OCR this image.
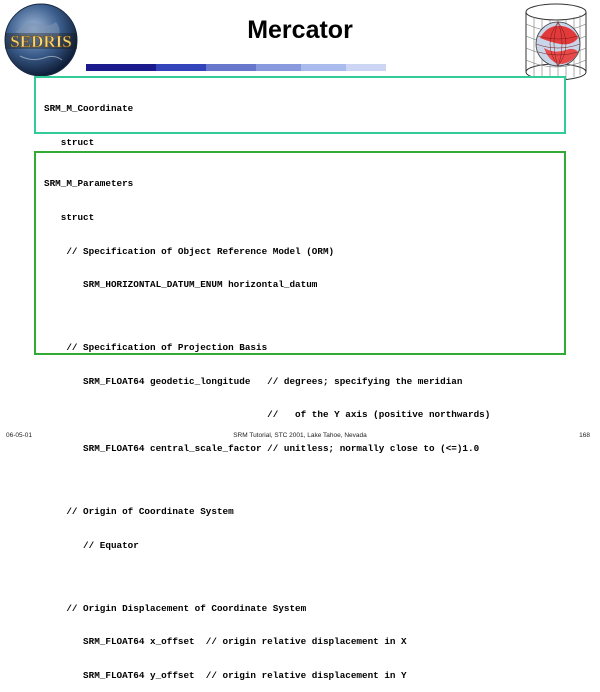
SEDRIS	Mercator

SRM_M_Coordinate

struct

SRM_M_Parameters

struct

// Specification of Object Reference Model (ORM)

SRM_HORIZONTAL_DATUM_ENUM horizontal_datum

// Specification of Projection Basis

SRM_FLOAT64 geodetic_longitude   // degrees; specifying the meridian

//   of the Y axis (positive northwards)

SRM_FLOAT64 central_scale_factor // unitless; normally close to (<=)1.0

// Origin of Coordinate System

// Equator

// Origin Displacement of Coordinate System

SRM_FLOAT64 x_offset  // origin relative displacement in X

SRM_FLOAT64 y_offset  // origin relative displacement in Y

06-05-01	SRM Tutorial, STC 2001, Lake Tahoe, Nevada	168
